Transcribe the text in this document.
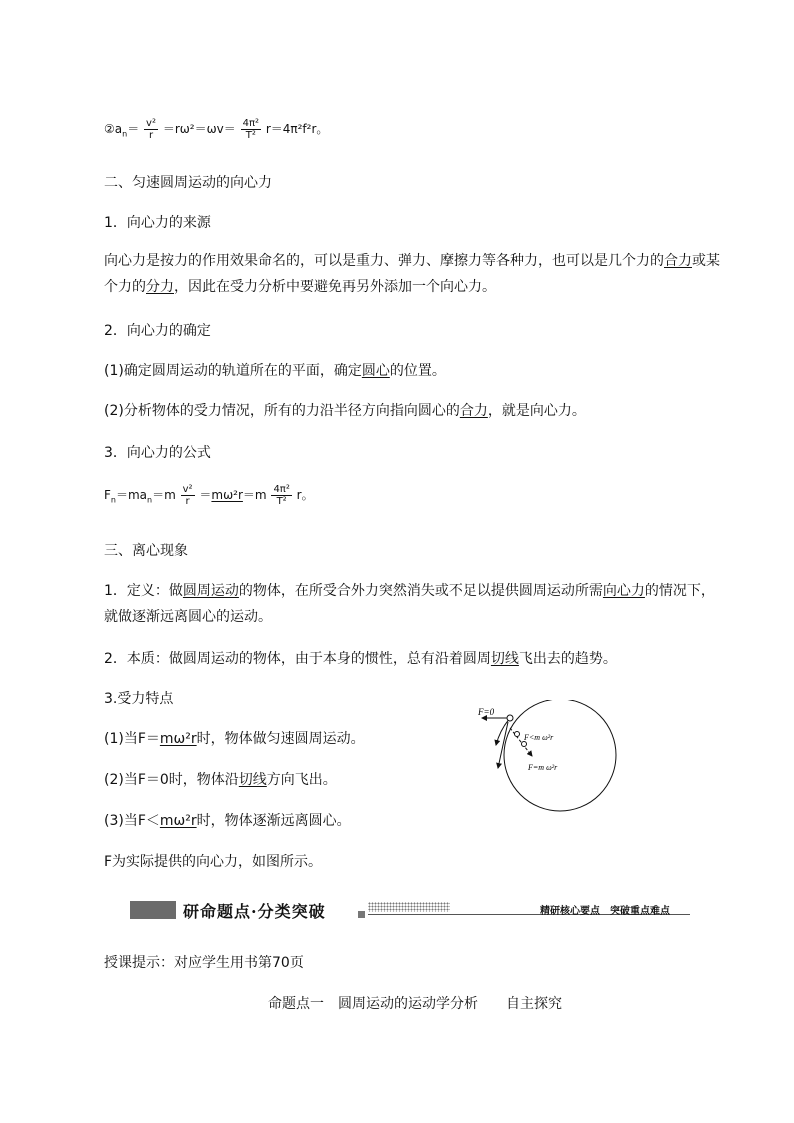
$②a_n= \frac{\text{v²}}{r} =r\omega^2=\omega v= \frac{\text{4π²}}{\text{T²}} r=4\pi^2f^2r$。
二、匀速圆周运动的向心力
1．向心力的来源
向心力是按力的作用效果命名的，可以是重力、弹力、摩擦力等各种力，也可以是几个力的合力或某个力的分力，因此在受力分析中要避免再另外添加一个向心力。
2．向心力的确定
(1)确定圆周运动的轨道所在的平面，确定圆心的位置。
(2)分析物体的受力情况，所有的力沿半径方向指向圆心的合力，就是向心力。
3．向心力的公式
$F_n=ma_n=m \frac{\text{v²}}{r} =m\omega^2r=m \frac{\text{4π²}}{\text{T²}}$ r。
三、离心现象
1．定义：做圆周运动的物体，在所受合外力突然消失或不足以提供圆周运动所需向心力的情况下，就做逐渐远离圆心的运动。
2．本质：做圆周运动的物体，由于本身的惯性，总有沿着圆周切线飞出去的趋势。
3.受力特点
(1)当F＝mω²r时，物体做匀速圆周运动。
(2)当F＝0时，物体沿切线方向飞出。
(3)当F＜mω²r时，物体逐渐远离圆心。
F为实际提供的向心力，如图所示。
F=0
F<m ω²r
F=m ω²r
研命题点·分类突破	精研核心要点　突破重点难点
授课提示：对应学生用书第70页
命题点一　圆周运动的运动学分析　　自主探究
